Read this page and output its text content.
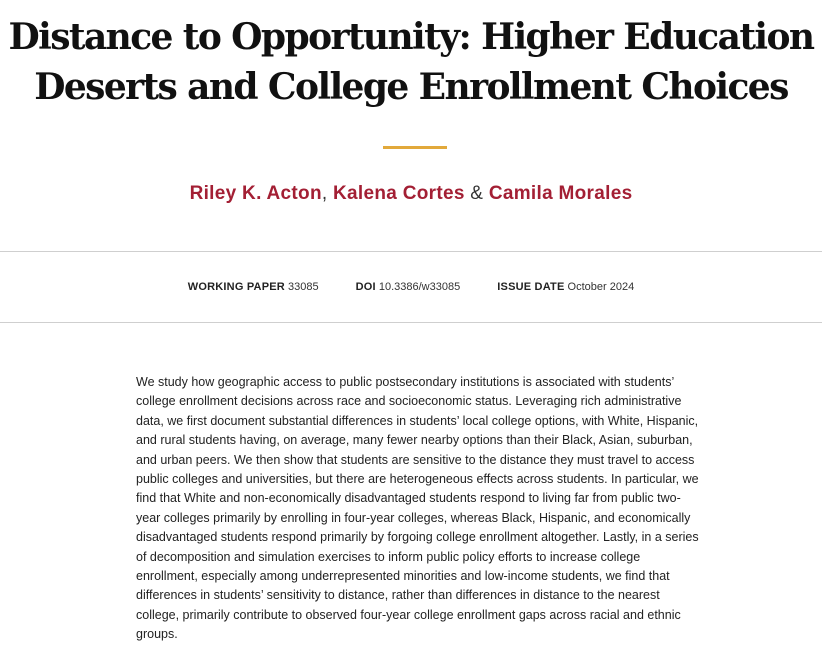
Distance to Opportunity: Higher Education
Deserts and College Enrollment Choices
Riley K. Acton, Kalena Cortes & Camila Morales
WORKING PAPER 33085	DOI 10.3386/w33085	ISSUE DATE October 2024

We study how geographic access to public postsecondary institutions is associated with students’ college enrollment decisions across race and socioeconomic status. Leveraging rich administrative data, we first document substantial differences in students’ local college options, with White, Hispanic, and rural students having, on average, many fewer nearby options than their Black, Asian, suburban, and urban peers. We then show that students are sensitive to the distance they must travel to access public colleges and universities, but there are heterogeneous effects across students. In particular, we find that White and non-economically disadvantaged students respond to living far from public two-year colleges primarily by enrolling in four-year colleges, whereas Black, Hispanic, and economically disadvantaged students respond primarily by forgoing college enrollment altogether. Lastly, in a series of decomposition and simulation exercises to inform public policy efforts to increase college enrollment, especially among underrepresented minorities and low-income students, we find that differences in students’ sensitivity to distance, rather than differences in distance to the nearest college, primarily contribute to observed four-year college enrollment gaps across racial and ethnic groups.
